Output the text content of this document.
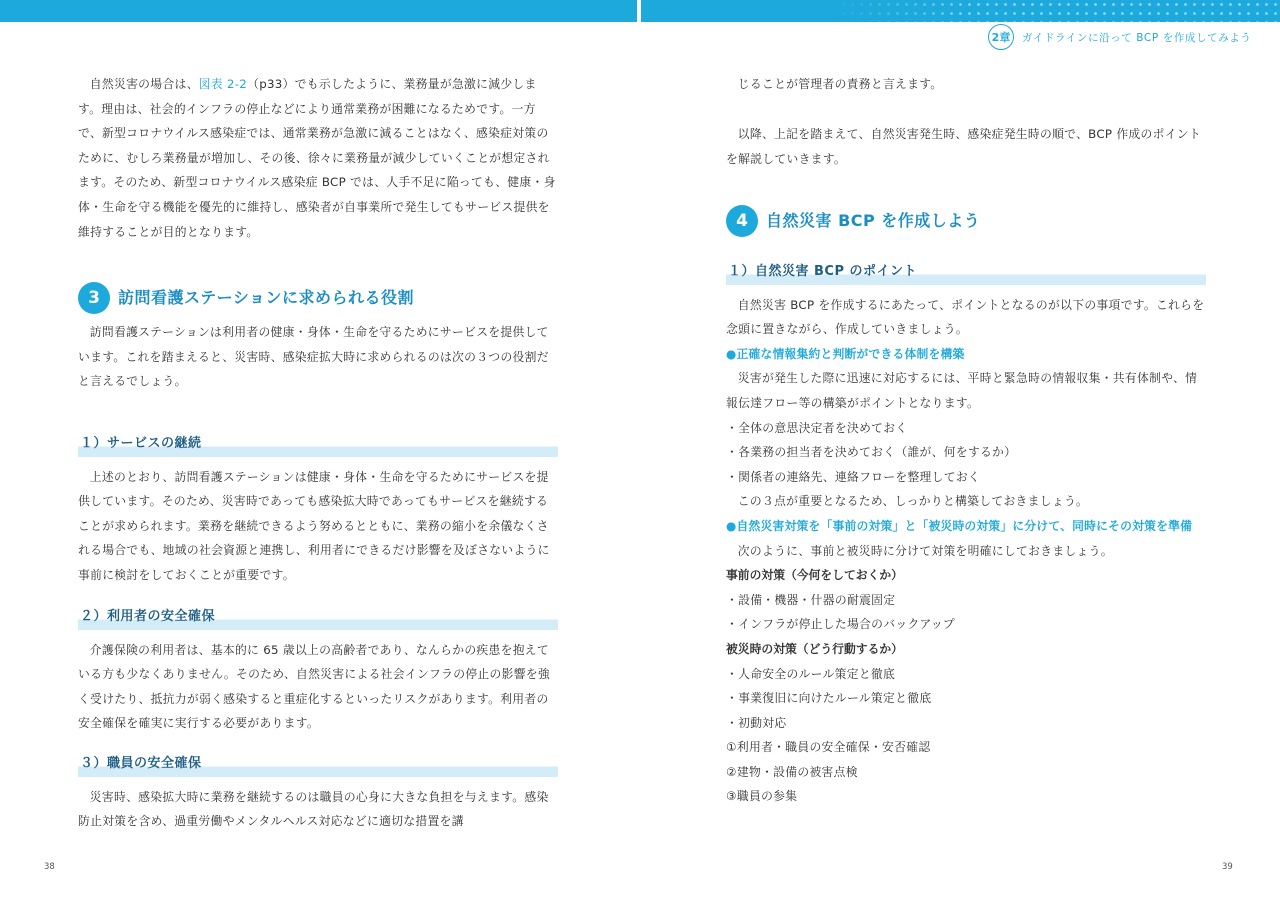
2章	ガイドラインに沿って BCP を作成してみよう

自然災害の場合は、図表 2-2（p33）でも示したように、業務量が急激に減少します。理由は、社会的インフラの停止などにより通常業務が困難になるためです。一方で、新型コロナウイルス感染症では、通常業務が急激に減ることはなく、感染症対策のために、むしろ業務量が増加し、その後、徐々に業務量が減少していくことが想定されます。そのため、新型コロナウイルス感染症 BCP では、人手不足に陥っても、健康・身体・生命を守る機能を優先的に維持し、感染者が自事業所で発生してもサービス提供を維持することが目的となります。

3	訪問看護ステーションに求められる役割

訪問看護ステーションは利用者の健康・身体・生命を守るためにサービスを提供しています。これを踏まえると、災害時、感染症拡大時に求められるのは次の３つの役割だと言えるでしょう。

１）サービスの継続

上述のとおり、訪問看護ステーションは健康・身体・生命を守るためにサービスを提供しています。そのため、災害時であっても感染拡大時であってもサービスを継続することが求められます。業務を継続できるよう努めるとともに、業務の縮小を余儀なくされる場合でも、地域の社会資源と連携し、利用者にできるだけ影響を及ぼさないように事前に検討をしておくことが重要です。

２）利用者の安全確保

介護保険の利用者は、基本的に 65 歳以上の高齢者であり、なんらかの疾患を抱えている方も少なくありません。そのため、自然災害による社会インフラの停止の影響を強く受けたり、抵抗力が弱く感染すると重症化するといったリスクがあります。利用者の安全確保を確実に実行する必要があります。

３）職員の安全確保

災害時、感染拡大時に業務を継続するのは職員の心身に大きな負担を与えます。感染防止対策を含め、過重労働やメンタルヘルス対応などに適切な措置を講

38

じることが管理者の責務と言えます。

以降、上記を踏まえて、自然災害発生時、感染症発生時の順で、BCP 作成のポイントを解説していきます。

4	自然災害 BCP を作成しよう
１）自然災害 BCP のポイント

自然災害 BCP を作成するにあたって、ポイントとなるのが以下の事項です。これらを念頭に置きながら、作成していきましょう。

●正確な情報集約と判断ができる体制を構築

災害が発生した際に迅速に対応するには、平時と緊急時の情報収集・共有体制や、情報伝達フロー等の構築がポイントとなります。

・全体の意思決定者を決めておく
・各業務の担当者を決めておく（誰が、何をするか）
・関係者の連絡先、連絡フローを整理しておく

この３点が重要となるため、しっかりと構築しておきましょう。

●自然災害対策を「事前の対策」と「被災時の対策」に分けて、同時にその対策を準備

次のように、事前と被災時に分けて対策を明確にしておきましょう。

事前の対策（今何をしておくか）
・設備・機器・什器の耐震固定
・インフラが停止した場合のバックアップ
被災時の対策（どう行動するか）
・人命安全のルール策定と徹底
・事業復旧に向けたルール策定と徹底
・初動対応
①利用者・職員の安全確保・安否確認
②建物・設備の被害点検
③職員の参集
39
